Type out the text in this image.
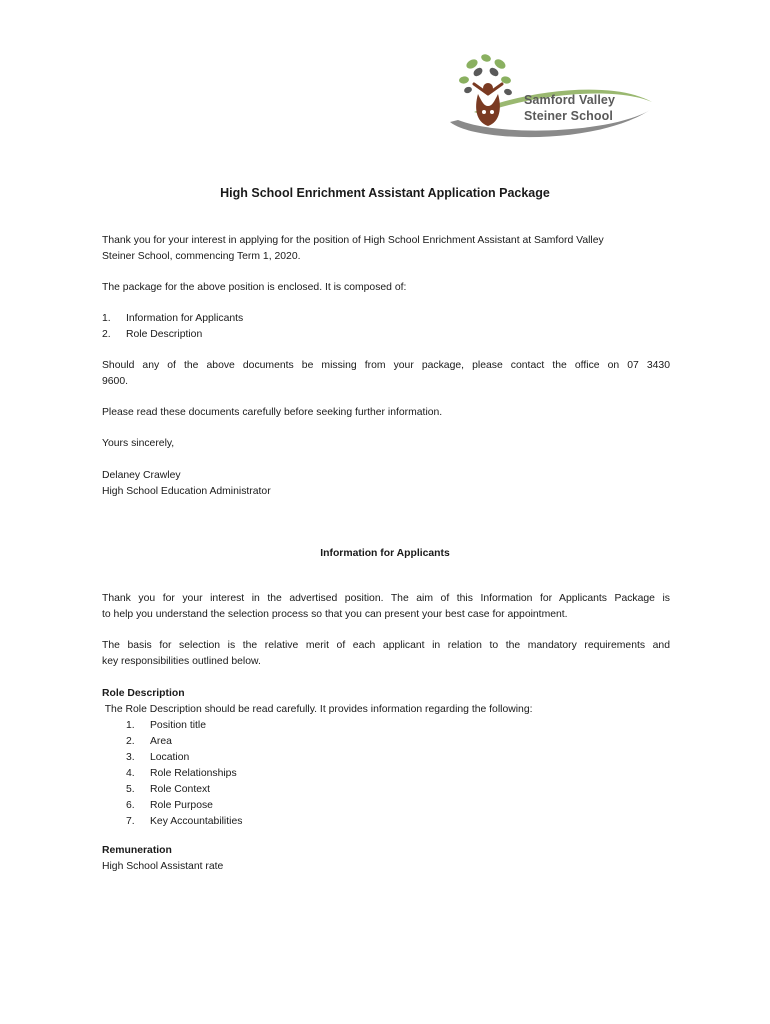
Samford Valley
Steiner School
High School Enrichment Assistant Application Package

Thank you for your interest in applying for the position of High School Enrichment Assistant at Samford Valley
Steiner School, commencing Term 1, 2020.

The package for the above position is enclosed. It is composed of:

1.	Information for Applicants
2.	Role Description

Should any of the above documents be missing from your package, please contact the office on 07 3430
9600.

Please read these documents carefully before seeking further information.

Yours sincerely,

Delaney Crawley
High School Education Administrator

Information for Applicants

Thank you for your interest in the advertised position. The aim of this Information for Applicants Package is
to help you understand the selection process so that you can present your best case for appointment.

The basis for selection is the relative merit of each applicant in relation to the mandatory requirements and
key responsibilities outlined below.

Role Description

The Role Description should be read carefully. It provides information regarding the following:

1.	Position title
2.	Area
3.	Location
4.	Role Relationships
5.	Role Context
6.	Role Purpose
7.	Key Accountabilities

Remuneration

High School Assistant rate
